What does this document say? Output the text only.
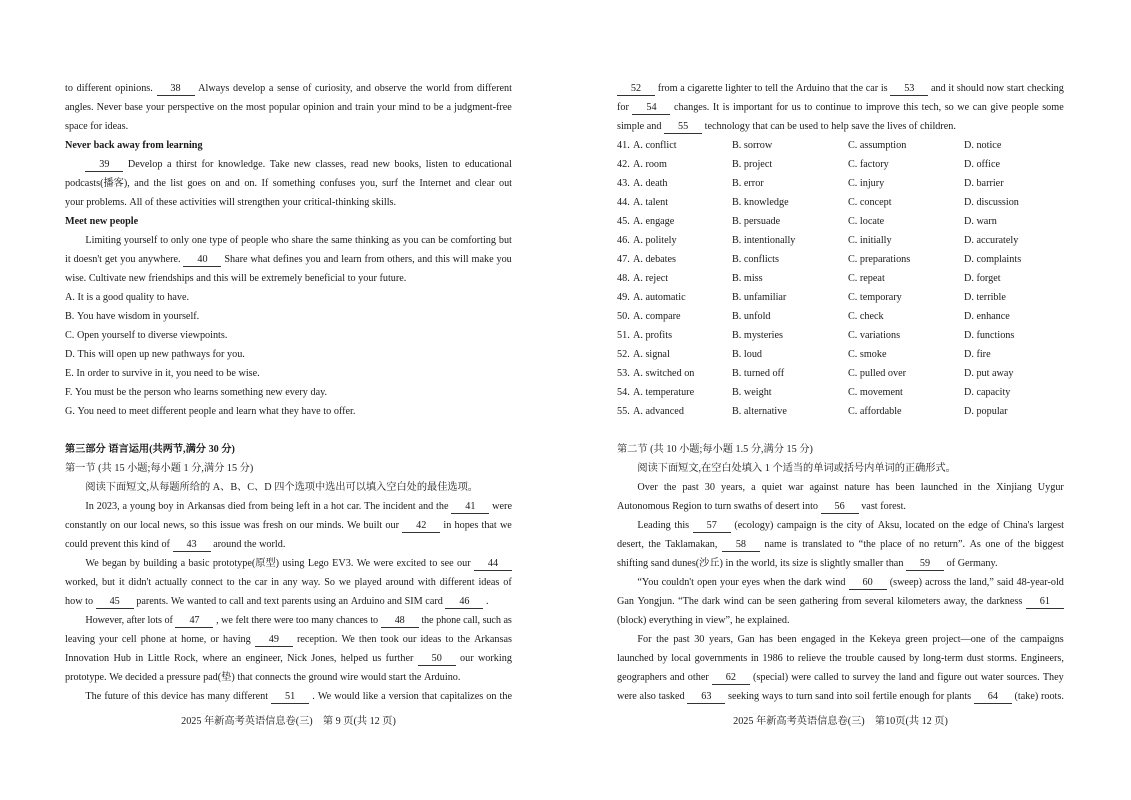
to different opinions.	38	Always develop a sense of curiosity, and observe the world from different
angles. Never base your perspective on the most popular opinion and train your mind to be a judgment-free
space for ideas.
Never back away from learning
39	Develop a thirst for knowledge. Take new classes, read new books, listen to educational
podcasts(播客), and the list goes on and on. If something confuses you, surf the Internet and clear out
your problems. All of these activities will strengthen your critical-thinking skills.
Meet new people
Limiting yourself to only one type of people who share the same thinking as you can be comforting but
it doesn't get you anywhere.	40	Share what defines you and learn from others, and this will make you
wise. Cultivate new friendships and this will be extremely beneficial to your future.
A. It is a good quality to have.
B. You have wisdom in yourself.
C. Open yourself to diverse viewpoints.
D. This will open up new pathways for you.
E. In order to survive in it, you need to be wise.
F. You must be the person who learns something new every day.
G. You need to meet different people and learn what they have to offer.
第三部分 语言运用(共两节,满分 30 分)
第一节 (共 15 小题;每小题 1 分,满分 15 分)
阅读下面短文,从每题所给的 A、B、C、D 四个选项中选出可以填入空白处的最佳选项。
In 2023, a young boy in Arkansas died from being left in a hot car. The incident and the	41	were
constantly on our local news, so this issue was fresh on our minds. We built our	42	in hopes that we
could prevent this kind of	43	around the world.
We began by building a basic prototype(原型) using Lego EV3. We were excited to see our	44
worked, but it didn't actually connect to the car in any way. So we played around with different ideas of
how to	45	parents. We wanted to call and text parents using an Arduino and SIM card	46	.
However, after lots of	47	, we felt there were too many chances to	48	the phone call, such as
leaving your cell phone at home, or having	49	reception. We then took our ideas to the Arkansas
Innovation Hub in Little Rock, where an engineer, Nick Jones, helped us further	50	our working
prototype. We decided a pressure pad(垫) that connects the ground wire would start the Arduino.
The future of this device has many different	51	. We would like a version that capitalizes on the
52	from a cigarette lighter to tell the Arduino that the car is	53	and it should now start checking
for	54	changes. It is important for us to continue to improve this tech, so we can give people some
simple and	55	technology that can be used to help save the lives of children.
41. A. conflict	B. sorrow	C. assumption	D. notice
42. A. room	B. project	C. factory	D. office
43. A. death	B. error	C. injury	D. barrier
44. A. talent	B. knowledge	C. concept	D. discussion
45. A. engage	B. persuade	C. locate	D. warn
46. A. politely	B. intentionally	C. initially	D. accurately
47. A. debates	B. conflicts	C. preparations	D. complaints
48. A. reject	B. miss	C. repeat	D. forget
49. A. automatic	B. unfamiliar	C. temporary	D. terrible
50. A. compare	B. unfold	C. check	D. enhance
51. A. profits	B. mysteries	C. variations	D. functions
52. A. signal	B. loud	C. smoke	D. fire
53. A. switched on	B. turned off	C. pulled over	D. put away
54. A. temperature	B. weight	C. movement	D. capacity
55. A. advanced	B. alternative	C. affordable	D. popular
第二节 (共 10 小题;每小题 1.5 分,满分 15 分)
阅读下面短文,在空白处填入 1 个适当的单词或括号内单词的正确形式。
Over the past 30 years, a quiet war against nature has been launched in the Xinjiang Uygur
Autonomous Region to turn swaths of desert into	56	vast forest.
Leading this	57	(ecology) campaign is the city of Aksu, located on the edge of China's largest
desert, the Taklamakan,	58	name is translated to “the place of no return”. As one of the biggest
shifting sand dunes(沙丘) in the world, its size is slightly smaller than	59	of Germany.
“You couldn't open your eyes when the dark wind	60	(sweep) across the land,” said 48-year-old
Gan Yongjun. “The dark wind can be seen gathering from several kilometers away, the darkness	61
(block) everything in view”, he explained.
For the past 30 years, Gan has been engaged in the Kekeya green project—one of the campaigns
launched by local governments in 1986 to relieve the trouble caused by long-term dust storms. Engineers,
geographers and other	62	(special) were called to survey the land and figure out water sources. They
were also tasked	63	seeking ways to turn sand into soil fertile enough for plants	64	(take) roots.
2025 年新高考英语信息卷(三)　第 9 页(共 12 页)	2025 年新高考英语信息卷(三)　第10页(共 12 页)
